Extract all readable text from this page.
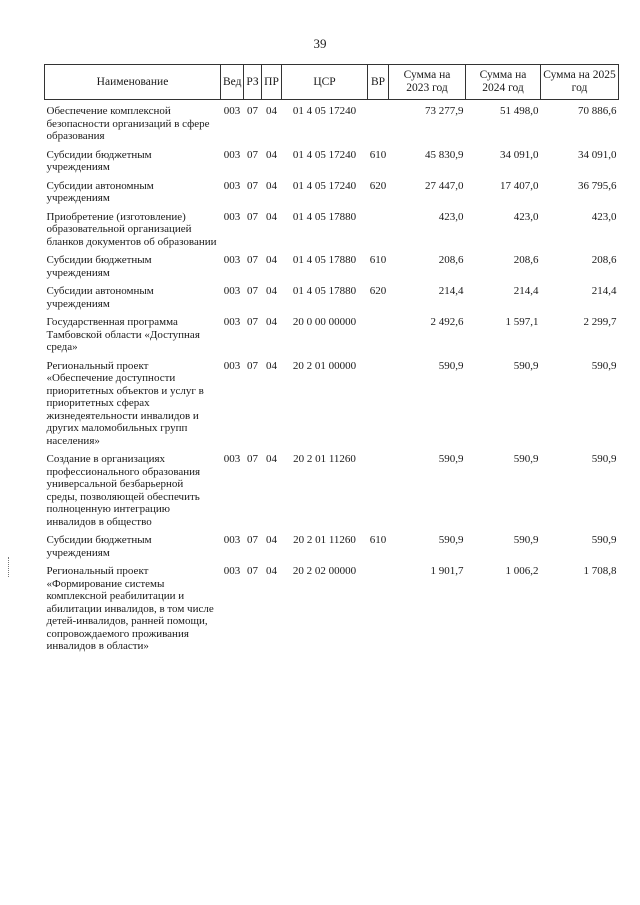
39
Наименование	Вед	РЗ	ПР	ЦСР	ВР	Сумма на 2023 год	Сумма на 2024 год	Сумма на 2025 год
Обеспечение комплексной безопасности организаций в сфере образования	003	07	04	01 4 05 17240		73 277,9	51 498,0	70 886,6
Субсидии бюджетным учреждениям	003	07	04	01 4 05 17240	610	45 830,9	34 091,0	34 091,0
Субсидии автономным учреждениям	003	07	04	01 4 05 17240	620	27 447,0	17 407,0	36 795,6
Приобретение (изготовление) образовательной организацией бланков документов об образовании	003	07	04	01 4 05 17880		423,0	423,0	423,0
Субсидии бюджетным учреждениям	003	07	04	01 4 05 17880	610	208,6	208,6	208,6
Субсидии автономным учреждениям	003	07	04	01 4 05 17880	620	214,4	214,4	214,4
Государственная программа Тамбовской области «Доступная среда»	003	07	04	20 0 00 00000		2 492,6	1 597,1	2 299,7
Региональный проект «Обеспечение доступности приоритетных объектов и услуг в приоритетных сферах жизнедеятельности инвалидов и других маломобильных групп населения»	003	07	04	20 2 01 00000		590,9	590,9	590,9
Создание в организациях профессионального образования универсальной безбарьерной среды, позволяющей обеспечить полноценную интеграцию инвалидов в общество	003	07	04	20 2 01 11260		590,9	590,9	590,9
Субсидии бюджетным учреждениям	003	07	04	20 2 01 11260	610	590,9	590,9	590,9
Региональный проект «Формирование системы комплексной реабилитации и абилитации инвалидов, в том числе детей-инвалидов, ранней помощи, сопровождаемого проживания инвалидов в области»	003	07	04	20 2 02 00000		1 901,7	1 006,2	1 708,8
